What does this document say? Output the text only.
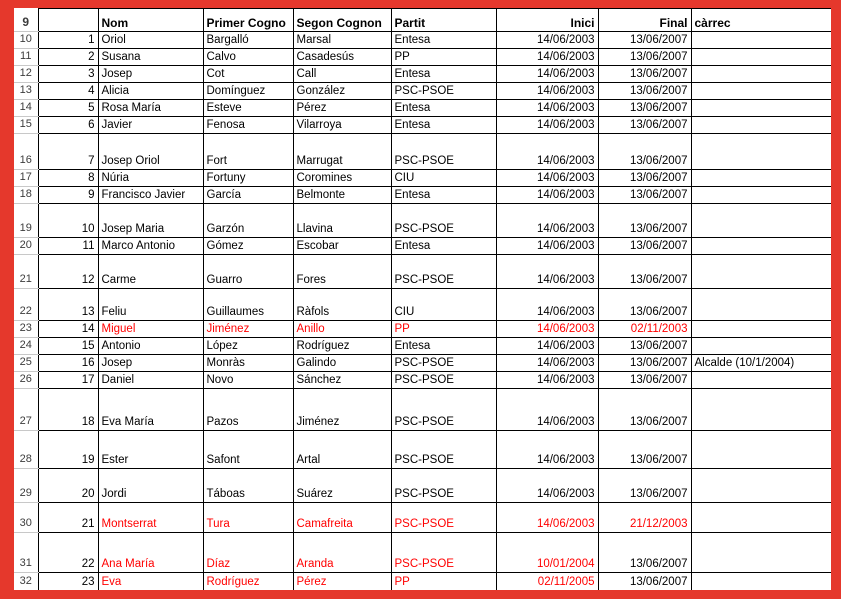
9		Nom	Primer Cogno	Segon Cognon	Partit	Inici	Final	càrrec
10	1	Oriol	Bargalló	Marsal	Entesa	14/06/2003	13/06/2007	
11	2	Susana	Calvo	Casadesús	PP	14/06/2003	13/06/2007	
12	3	Josep	Cot	Call	Entesa	14/06/2003	13/06/2007	
13	4	Alicia	Domínguez	González	PSC-PSOE	14/06/2003	13/06/2007	
14	5	Rosa María	Esteve	Pérez	Entesa	14/06/2003	13/06/2007	
15	6	Javier	Fenosa	Vilarroya	Entesa	14/06/2003	13/06/2007	
16	7	Josep Oriol	Fort	Marrugat	PSC-PSOE	14/06/2003	13/06/2007	
17	8	Núria	Fortuny	Coromines	CIU	14/06/2003	13/06/2007	
18	9	Francisco Javier	García	Belmonte	Entesa	14/06/2003	13/06/2007	
19	10	Josep Maria	Garzón	Llavina	PSC-PSOE	14/06/2003	13/06/2007	
20	11	Marco Antonio	Gómez	Escobar	Entesa	14/06/2003	13/06/2007	
21	12	Carme	Guarro	Fores	PSC-PSOE	14/06/2003	13/06/2007	
22	13	Feliu	Guillaumes	Ràfols	CIU	14/06/2003	13/06/2007	
23	14	Miguel	Jiménez	Anillo	PP	14/06/2003	02/11/2003	
24	15	Antonio	López	Rodríguez	Entesa	14/06/2003	13/06/2007	
25	16	Josep	Monràs	Galindo	PSC-PSOE	14/06/2003	13/06/2007	Alcalde (10/1/2004)
26	17	Daniel	Novo	Sánchez	PSC-PSOE	14/06/2003	13/06/2007	
27	18	Eva María	Pazos	Jiménez	PSC-PSOE	14/06/2003	13/06/2007	
28	19	Ester	Safont	Artal	PSC-PSOE	14/06/2003	13/06/2007	
29	20	Jordi	Táboas	Suárez	PSC-PSOE	14/06/2003	13/06/2007	
30	21	Montserrat	Tura	Camafreita	PSC-PSOE	14/06/2003	21/12/2003	
31	22	Ana María	Díaz	Aranda	PSC-PSOE	10/01/2004	13/06/2007	
32	23	Eva	Rodríguez	Pérez	PP	02/11/2005	13/06/2007	
